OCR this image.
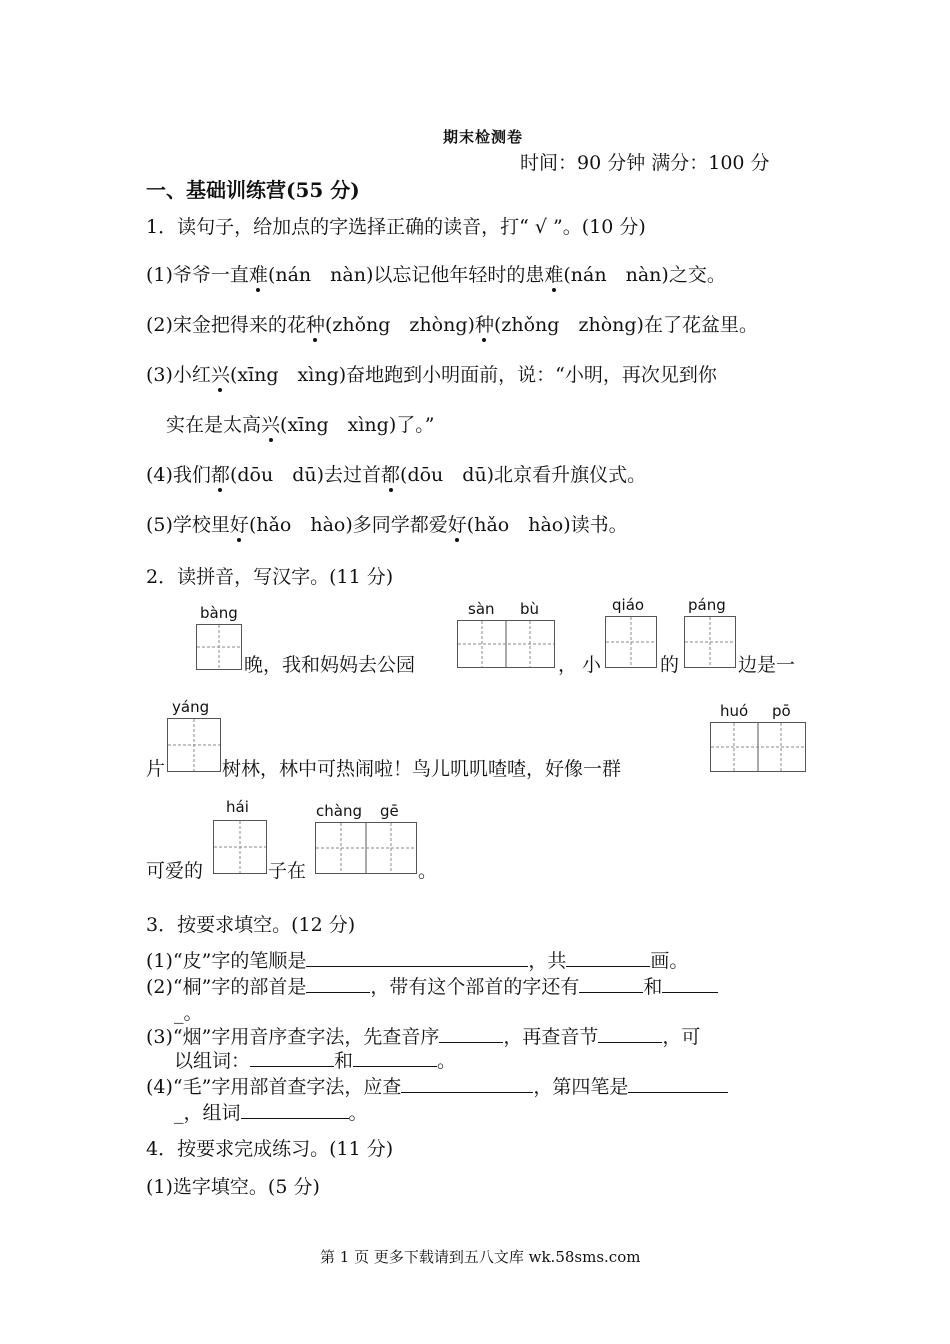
期末检测卷
时间：90 分钟 满分：100 分
一、基础训练营(55 分)
1．读句子，给加点的字选择正确的读音，打“ √ ”。(10 分)
(1)爷爷一直难(nán　nàn)以忘记他年轻时的患难(nán　nàn)之交。
(2)宋金把得来的花种(zhǒng　zhòng)种(zhǒng　zhòng)在了花盆里。
(3)小红兴(xīng　xìng)奋地跑到小明面前，说：“小明，再次见到你
实在是太高兴(xīng　xìng)了。”
(4)我们都(dōu　dū)去过首都(dōu　dū)北京看升旗仪式。
(5)学校里好(hǎo　hào)多同学都爱好(hǎo　hào)读书。
2．读拼音，写汉字。(11 分)
bàng
晚，我和妈妈去公园
sàn bù
， 小
qiáo
的
páng
边是一
片
yáng
树林，林中可热闹啦！鸟儿叽叽喳喳，好像一群
huó pō
可爱的
hái
子在
chàng gē
。
3．按要求填空。(12 分)
(1)“皮”字的笔顺是	，共	画。
(2)“桐”字的部首是	，带有这个部首的字还有	和
_。
(3)“烟”字用音序查字法，先查音序	，再查音节	，可
以组词：	和	。
(4)“毛”字用部首查字法，应查	，第四笔是
_，组词	。
4．按要求完成练习。(11 分)
(1)选字填空。(5 分)
第 1 页 更多下载请到五八文库 wk.58sms.com
